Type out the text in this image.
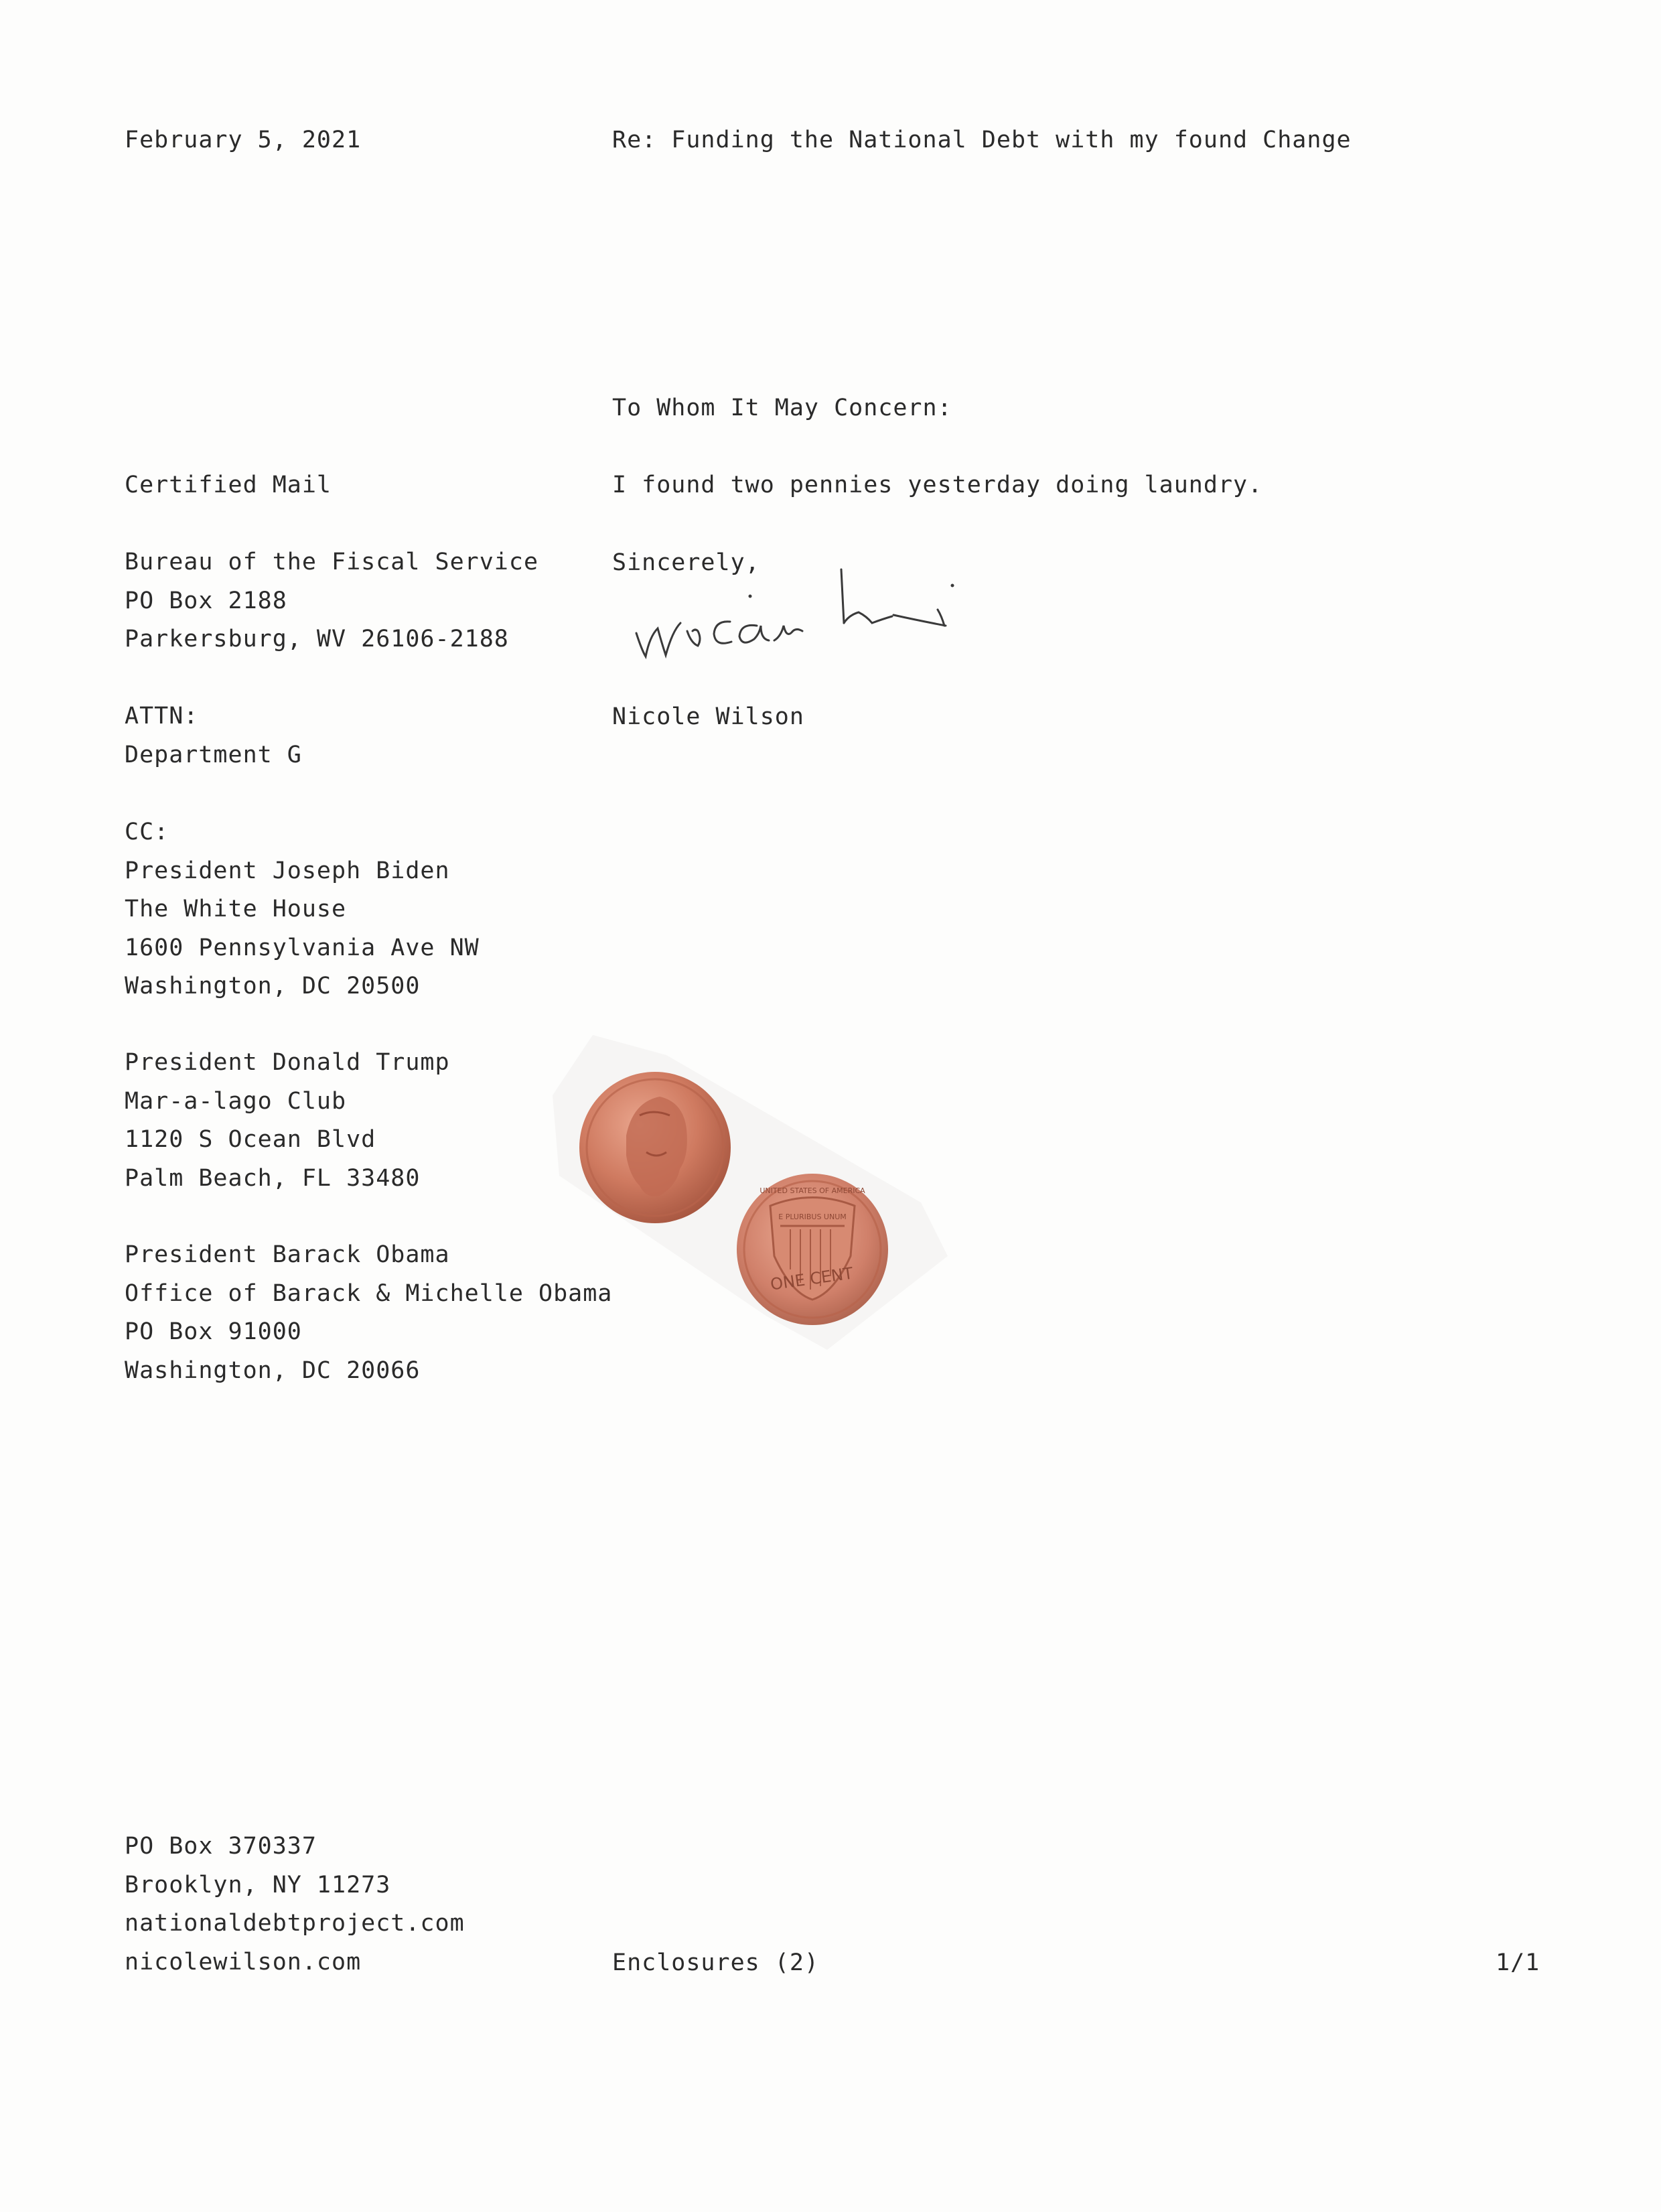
February 5, 2021	Re: Funding the National Debt with my found Change
Certified Mail
Bureau of the Fiscal Service
PO Box 2188
Parkersburg, WV 26106-2188
ATTN:
Department G
CC:
President Joseph Biden
The White House
1600 Pennsylvania Ave NW
Washington, DC 20500
President Donald Trump
Mar-a-lago Club
1120 S Ocean Blvd
Palm Beach, FL 33480
President Barack Obama
Office of Barack & Michelle Obama
PO Box 91000
Washington, DC 20066
To Whom It May Concern:
I found two pennies yesterday doing laundry.
Sincerely,
Nicole Wilson
E PLURIBUS UNUM
ONE CENT
UNITED STATES OF AMERICA
PO Box 370337
Brooklyn, NY 11273
nationaldebtproject.com
nicolewilson.com	Enclosures (2)	1/1
